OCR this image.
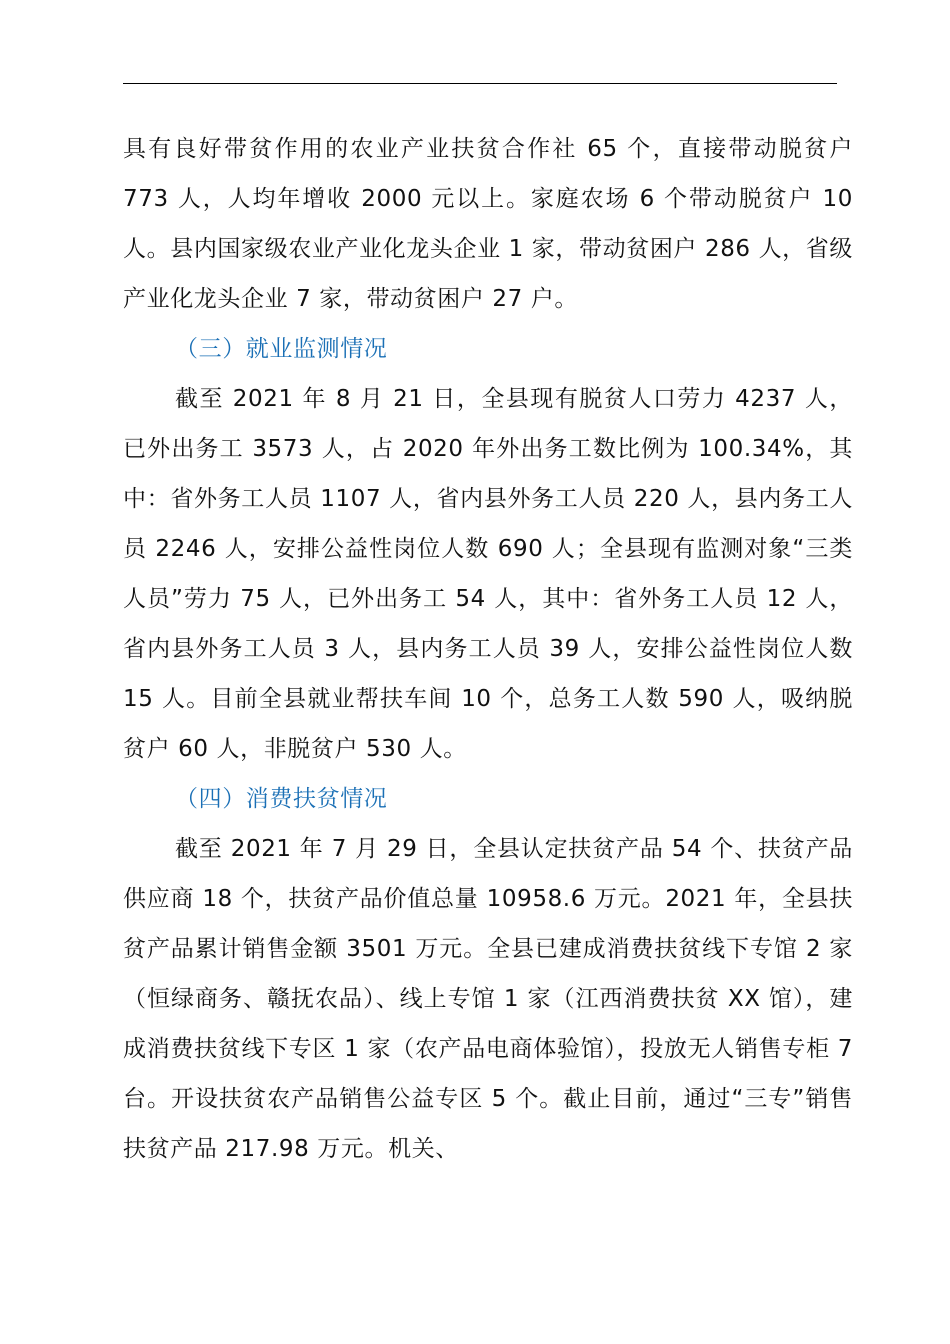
具有良好带贫作用的农业产业扶贫合作社 65 个，直接带动脱贫户 773 人，人均年增收 2000 元以上。家庭农场 6 个带动脱贫户 10 人。县内国家级农业产业化龙头企业 1 家，带动贫困户 286 人，省级产业化龙头企业 7 家，带动贫困户 27 户。

（三）就业监测情况

截至 2021 年 8 月 21 日，全县现有脱贫人口劳力 4237 人，已外出务工 3573 人，占 2020 年外出务工数比例为 100.34%，其中：省外务工人员 1107 人，省内县外务工人员 220 人，县内务工人员 2246 人，安排公益性岗位人数 690 人；全县现有监测对象“三类人员”劳力 75 人，已外出务工 54 人，其中：省外务工人员 12 人，省内县外务工人员 3 人，县内务工人员 39 人，安排公益性岗位人数 15 人。目前全县就业帮扶车间 10 个，总务工人数 590 人，吸纳脱贫户 60 人，非脱贫户 530 人。

（四）消费扶贫情况

截至 2021 年 7 月 29 日，全县认定扶贫产品 54 个、扶贫产品供应商 18 个，扶贫产品价值总量 10958.6 万元。2021 年，全县扶贫产品累计销售金额 3501 万元。全县已建成消费扶贫线下专馆 2 家（恒绿商务、赣抚农品）、线上专馆 1 家（江西消费扶贫 XX 馆），建成消费扶贫线下专区 1 家（农产品电商体验馆），投放无人销售专柜 7 台。开设扶贫农产品销售公益专区 5 个。截止目前，通过“三专”销售扶贫产品 217.98 万元。机关、
